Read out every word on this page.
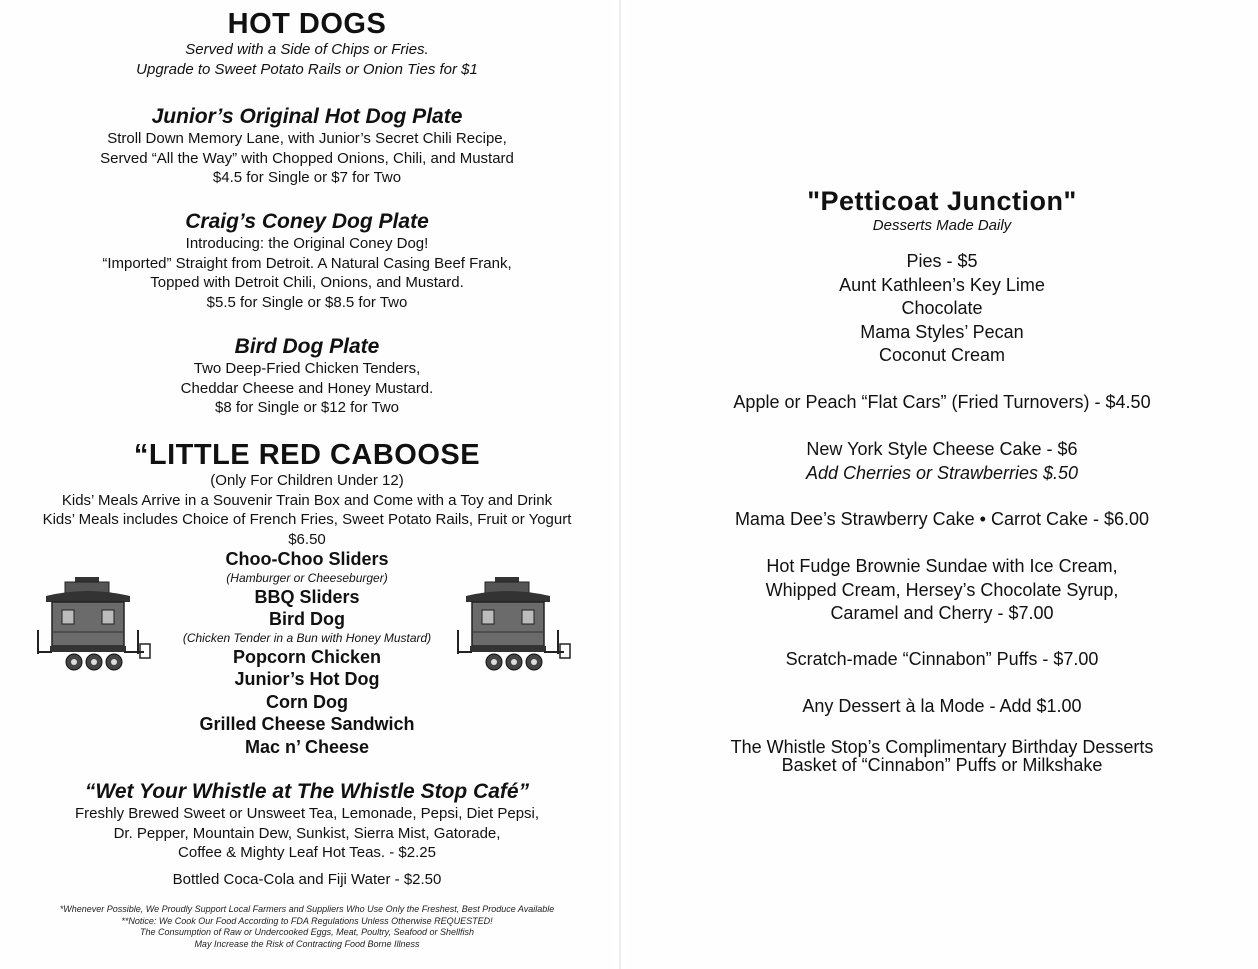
HOT DOGS
Served with a Side of Chips or Fries.
Upgrade to Sweet Potato Rails or Onion Ties for $1
Junior’s Original Hot Dog Plate
Stroll Down Memory Lane, with Junior’s Secret Chili Recipe,
Served “All the Way” with Chopped Onions, Chili, and Mustard
$4.5 for Single or $7 for Two
Craig’s Coney Dog Plate
Introducing: the Original Coney Dog!
“Imported” Straight from Detroit. A Natural Casing Beef Frank,
Topped with Detroit Chili, Onions, and Mustard.
$5.5 for Single or $8.5 for Two
Bird Dog Plate
Two Deep-Fried Chicken Tenders,
Cheddar Cheese and Honey Mustard.
$8 for Single or $12 for Two
“LITTLE RED CABOOSE
(Only For Children Under 12)
Kids’ Meals Arrive in a Souvenir Train Box and Come with a Toy and Drink
Kids’ Meals includes Choice of French Fries, Sweet Potato Rails, Fruit or Yogurt
$6.50
Choo-Choo Sliders
(Hamburger or Cheeseburger)
BBQ Sliders
Bird Dog
(Chicken Tender in a Bun with Honey Mustard)
Popcorn Chicken
Junior’s Hot Dog
Corn Dog
Grilled Cheese Sandwich
Mac n’ Cheese
“Wet Your Whistle at The Whistle Stop Café”
Freshly Brewed Sweet or Unsweet Tea, Lemonade, Pepsi, Diet Pepsi,
Dr. Pepper, Mountain Dew, Sunkist, Sierra Mist, Gatorade,
Coffee & Mighty Leaf Hot Teas. - $2.25
Bottled Coca-Cola and Fiji Water - $2.50
*Whenever Possible, We Proudly Support Local Farmers and Suppliers Who Use Only the Freshest, Best Produce Available
**Notice: We Cook Our Food According to FDA Regulations Unless Otherwise REQUESTED!
The Consumption of Raw or Undercooked Eggs, Meat, Poultry, Seafood or Shellfish
May Increase the Risk of Contracting Food Borne Illness
"Petticoat Junction"
Desserts Made Daily
Pies - $5
Aunt Kathleen’s Key Lime
Chocolate
Mama Styles’ Pecan
Coconut Cream
Apple or Peach “Flat Cars” (Fried Turnovers) - $4.50
New York Style Cheese Cake - $6
Add Cherries or Strawberries $.50
Mama Dee’s Strawberry Cake • Carrot Cake - $6.00
Hot Fudge Brownie Sundae with Ice Cream,
Whipped Cream, Hersey’s Chocolate Syrup,
Caramel and Cherry - $7.00
Scratch-made “Cinnabon” Puffs - $7.00
Any Dessert à la Mode - Add $1.00
The Whistle Stop’s Complimentary Birthday Desserts
Basket of “Cinnabon” Puffs or Milkshake
